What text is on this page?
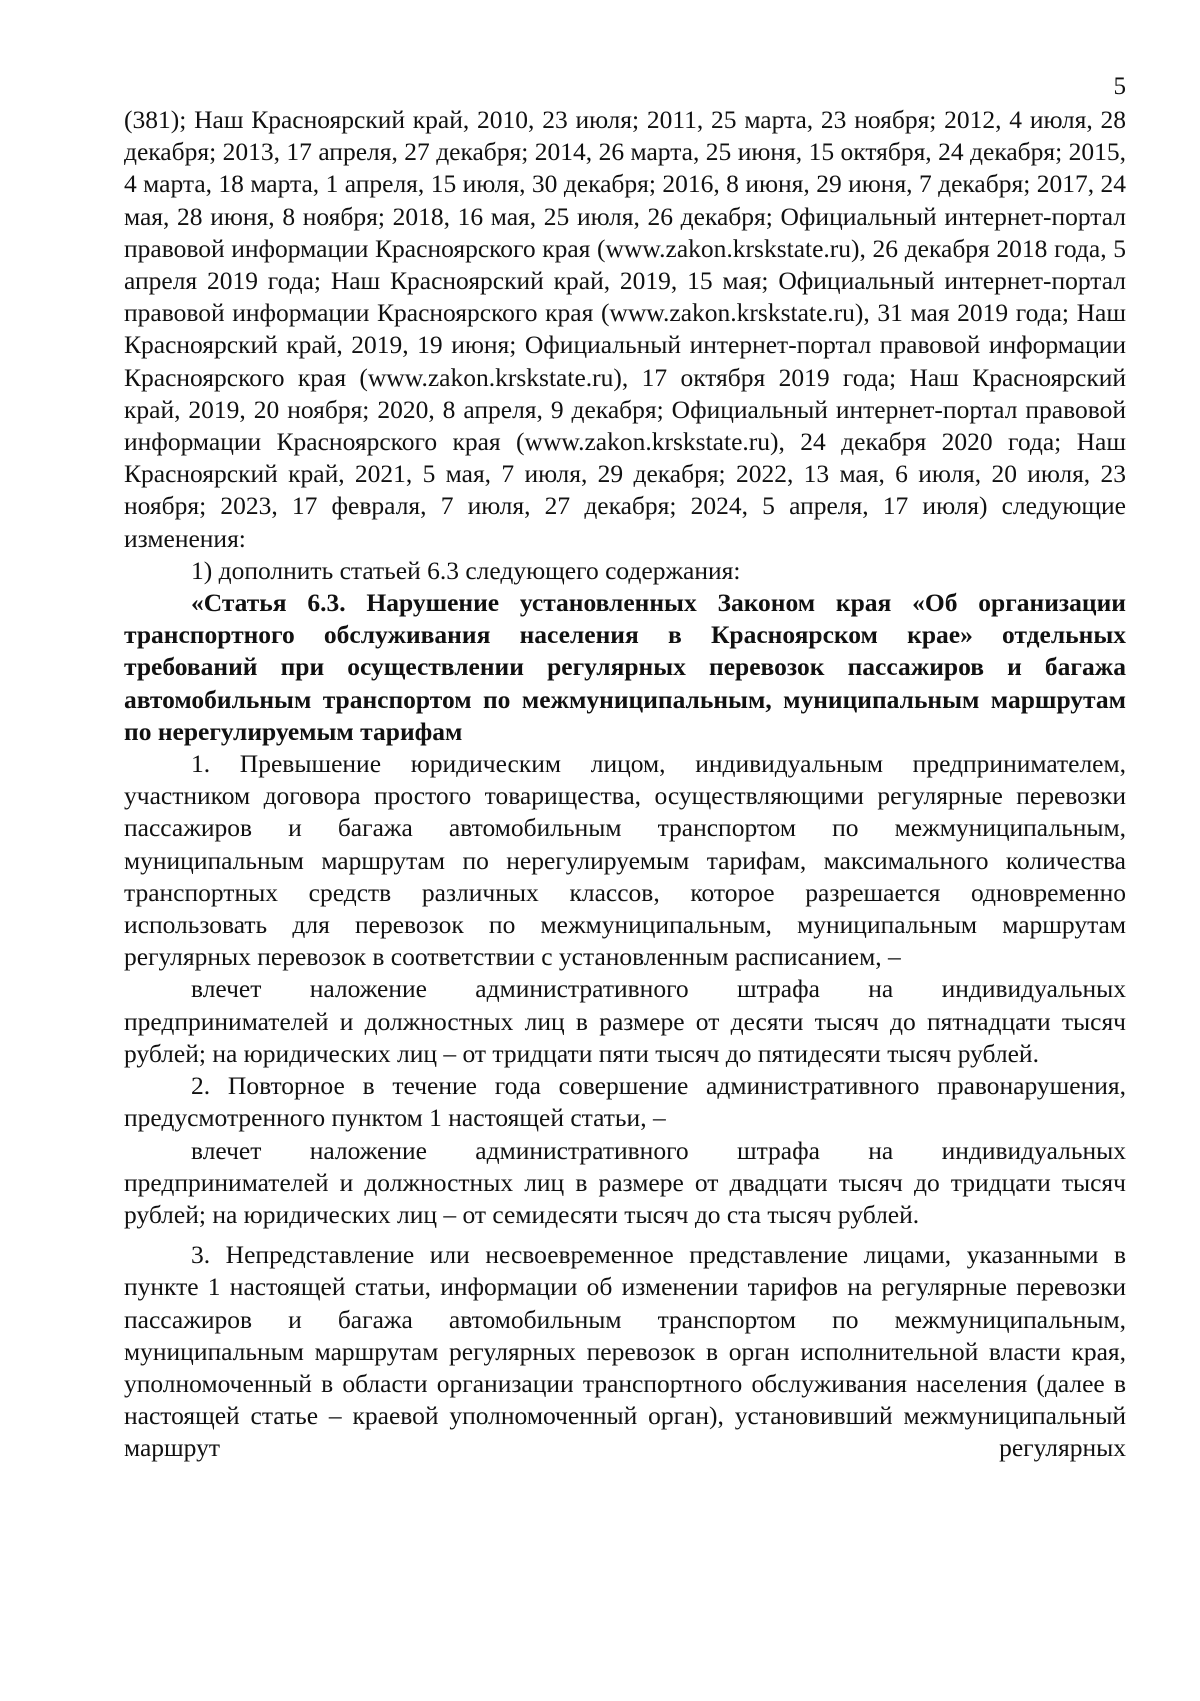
5

(381); Наш Красноярский край, 2010, 23 июля; 2011, 25 марта, 23 ноября; 2012, 4 июля, 28 декабря; 2013, 17 апреля, 27 декабря; 2014, 26 марта, 25 июня, 15 октября, 24 декабря; 2015, 4 марта, 18 марта, 1 апреля, 15 июля, 30 декабря; 2016, 8 июня, 29 июня, 7 декабря; 2017, 24 мая, 28 июня, 8 ноября; 2018, 16 мая, 25 июля, 26 декабря; Официальный интернет-портал правовой информации Красноярского края (www.zakon.krskstate.ru), 26 декабря 2018 года, 5 апреля 2019 года; Наш Красноярский край, 2019, 15 мая; Официальный интернет-портал правовой информации Красноярского края (www.zakon.krskstate.ru), 31 мая 2019 года; Наш Красноярский край, 2019, 19 июня; Официальный интернет-портал правовой информации Красноярского края (www.zakon.krskstate.ru), 17 октября 2019 года; Наш Красноярский край, 2019, 20 ноября; 2020, 8 апреля, 9 декабря; Официальный интернет-портал правовой информации Красноярского края (www.zakon.krskstate.ru), 24 декабря 2020 года; Наш Красноярский край, 2021, 5 мая, 7 июля, 29 декабря; 2022, 13 мая, 6 июля, 20 июля, 23 ноября; 2023, 17 февраля, 7 июля, 27 декабря; 2024, 5 апреля, 17 июля) следующие изменения:

1) дополнить статьей 6.3 следующего содержания:

«Статья 6.3. Нарушение установленных Законом края «Об организации транспортного обслуживания населения в Красноярском крае» отдельных требований при осуществлении регулярных перевозок пассажиров и багажа автомобильным транспортом по межмуниципальным, муниципальным маршрутам по нерегулируемым тарифам

1. Превышение юридическим лицом, индивидуальным предпринимателем, участником договора простого товарищества, осуществляющими регулярные перевозки пассажиров и багажа автомобильным транспортом по межмуниципальным, муниципальным маршрутам по нерегулируемым тарифам, максимального количества транспортных средств различных классов, которое разрешается одновременно использовать для перевозок по межмуниципальным, муниципальным маршрутам регулярных перевозок в соответствии с установленным расписанием, –

влечет наложение административного штрафа на индивидуальных предпринимателей и должностных лиц в размере от десяти тысяч до пятнадцати тысяч рублей; на юридических лиц – от тридцати пяти тысяч до пятидесяти тысяч рублей.

2. Повторное в течение года совершение административного правонарушения, предусмотренного пунктом 1 настоящей статьи, –

влечет наложение административного штрафа на индивидуальных предпринимателей и должностных лиц в размере от двадцати тысяч до тридцати тысяч рублей; на юридических лиц – от семидесяти тысяч до ста тысяч рублей.

3. Непредставление или несвоевременное представление лицами, указанными в пункте 1 настоящей статьи, информации об изменении тарифов на регулярные перевозки пассажиров и багажа автомобильным транспортом по межмуниципальным, муниципальным маршрутам регулярных перевозок в орган исполнительной власти края, уполномоченный в области организации транспортного обслуживания населения (далее в настоящей статье – краевой уполномоченный орган), установивший межмуниципальный маршрут регулярных
